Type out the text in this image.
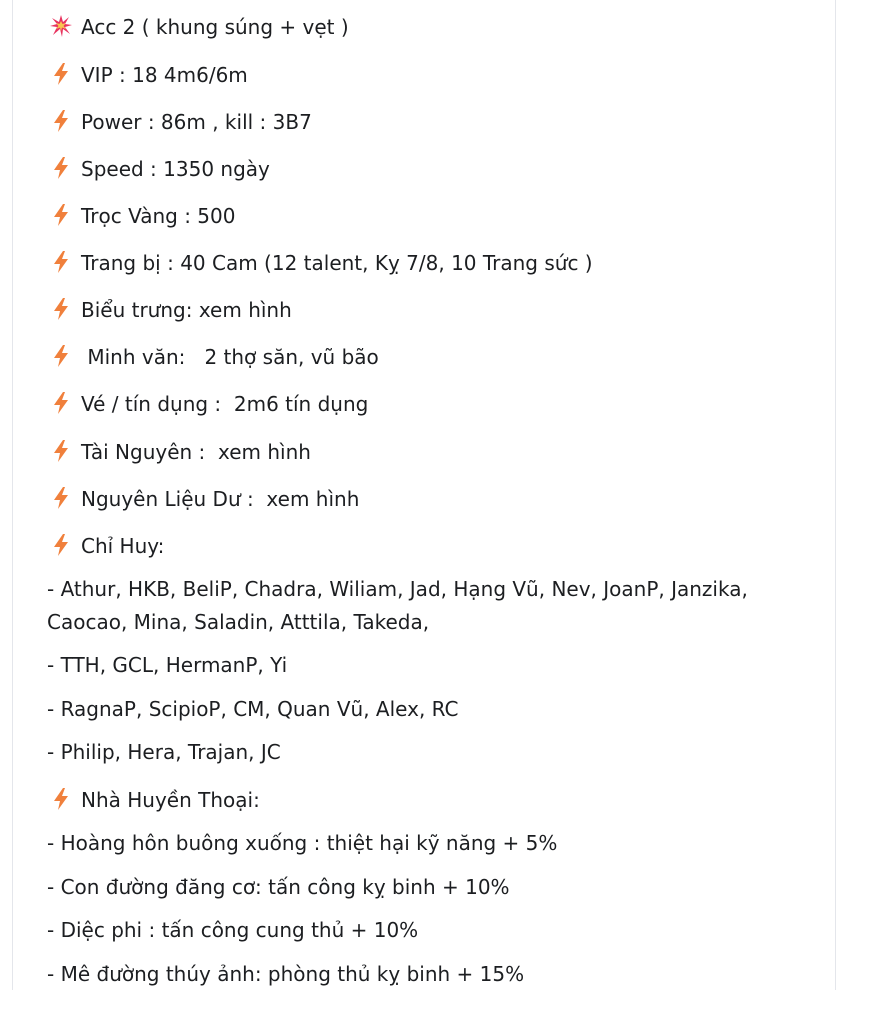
Acc 2 ( khung súng + vẹt )
VIP : 18 4m6/6m
Power : 86m , kill : 3B7
Speed : 1350 ngày
Trọc Vàng : 500
Trang bị : 40 Cam (12 talent, Kỵ 7/8, 10 Trang sức )
Biểu trưng: xem hình
Minh văn:   2 thợ săn, vũ bão
Vé / tín dụng :  2m6 tín dụng
Tài Nguyên :  xem hình
Nguyên Liệu Dư :  xem hình
Chỉ Huy:
- Athur, HKB, BeliP, Chadra, Wiliam, Jad, Hạng Vũ, Nev, JoanP, Janzika, Caocao, Mina, Saladin, Atttila, Takeda,
- TTH, GCL, HermanP, Yi
- RagnaP, ScipioP, CM, Quan Vũ, Alex, RC
- Philip, Hera, Trajan, JC
Nhà Huyền Thoại:
- Hoàng hôn buông xuống : thiệt hại kỹ năng + 5%
- Con đường đăng cơ: tấn công kỵ binh + 10%
- Diệc phi : tấn công cung thủ + 10%
- Mê đường thúy ảnh: phòng thủ kỵ binh + 15%
